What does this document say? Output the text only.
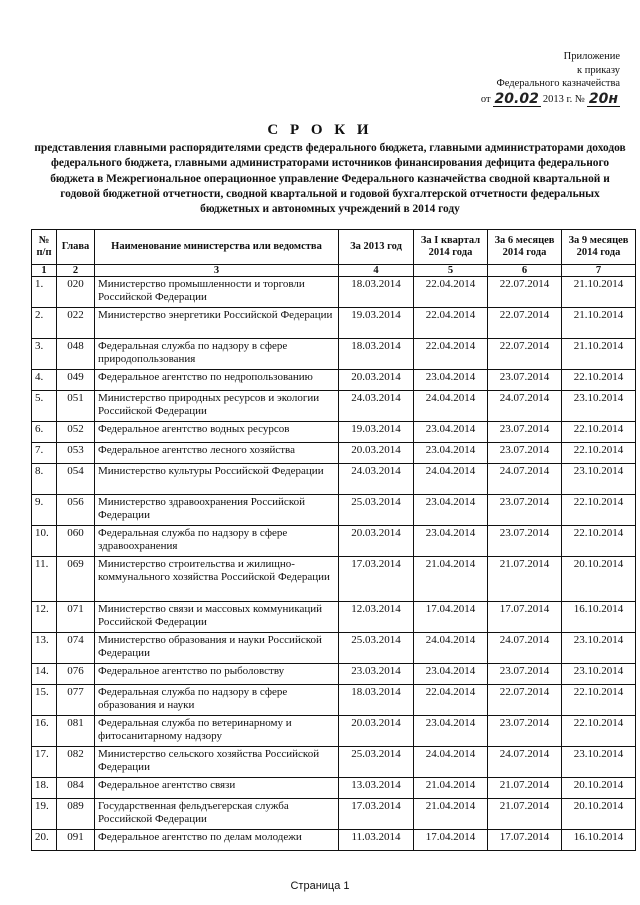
Приложение
к приказу
Федерального казначейства
от 20.02 2013 г. № 20н
С Р О К И
представления главными распорядителями средств федерального бюджета, главными администраторами доходов федерального бюджета, главными администраторами источников финансирования дефицита федерального бюджета в Межрегиональное операционное управление Федерального казначейства сводной квартальной и годовой бюджетной отчетности, сводной квартальной и годовой бухгалтерской отчетности федеральных бюджетных и автономных учреждений в 2014 году
№ п/п	Глава	Наименование министерства или ведомства	За 2013 год	За I квартал 2014 года	За 6 месяцев 2014 года	За 9 месяцев 2014 года
1	2	3	4	5	6	7
1.	020	Министерство промышленности и торговли Российской Федерации	18.03.2014	22.04.2014	22.07.2014	21.10.2014
2.	022	Министерство энергетики Российской Федерации	19.03.2014	22.04.2014	22.07.2014	21.10.2014
3.	048	Федеральная служба по надзору в сфере природопользования	18.03.2014	22.04.2014	22.07.2014	21.10.2014
4.	049	Федеральное агентство по недропользованию	20.03.2014	23.04.2014	23.07.2014	22.10.2014
5.	051	Министерство природных ресурсов и экологии Российской Федерации	24.03.2014	24.04.2014	24.07.2014	23.10.2014
6.	052	Федеральное агентство водных ресурсов	19.03.2014	23.04.2014	23.07.2014	22.10.2014
7.	053	Федеральное агентство лесного хозяйства	20.03.2014	23.04.2014	23.07.2014	22.10.2014
8.	054	Министерство культуры Российской Федерации	24.03.2014	24.04.2014	24.07.2014	23.10.2014
9.	056	Министерство здравоохранения Российской Федерации	25.03.2014	23.04.2014	23.07.2014	22.10.2014
10.	060	Федеральная служба по надзору в сфере здравоохранения	20.03.2014	23.04.2014	23.07.2014	22.10.2014
11.	069	Министерство строительства и жилищно-коммунального хозяйства Российской Федерации	17.03.2014	21.04.2014	21.07.2014	20.10.2014
12.	071	Министерство связи и массовых коммуникаций Российской Федерации	12.03.2014	17.04.2014	17.07.2014	16.10.2014
13.	074	Министерство образования и науки Российской Федерации	25.03.2014	24.04.2014	24.07.2014	23.10.2014
14.	076	Федеральное агентство по рыболовству	23.03.2014	23.04.2014	23.07.2014	23.10.2014
15.	077	Федеральная служба по надзору в сфере образования и науки	18.03.2014	22.04.2014	22.07.2014	22.10.2014
16.	081	Федеральная служба по ветеринарному и фитосанитарному надзору	20.03.2014	23.04.2014	23.07.2014	22.10.2014
17.	082	Министерство сельского хозяйства Российской Федерации	25.03.2014	24.04.2014	24.07.2014	23.10.2014
18.	084	Федеральное агентство связи	13.03.2014	21.04.2014	21.07.2014	20.10.2014
19.	089	Государственная фельдъегерская служба Российской Федерации	17.03.2014	21.04.2014	21.07.2014	20.10.2014
20.	091	Федеральное агентство по делам молодежи	11.03.2014	17.04.2014	17.07.2014	16.10.2014
Страница 1
